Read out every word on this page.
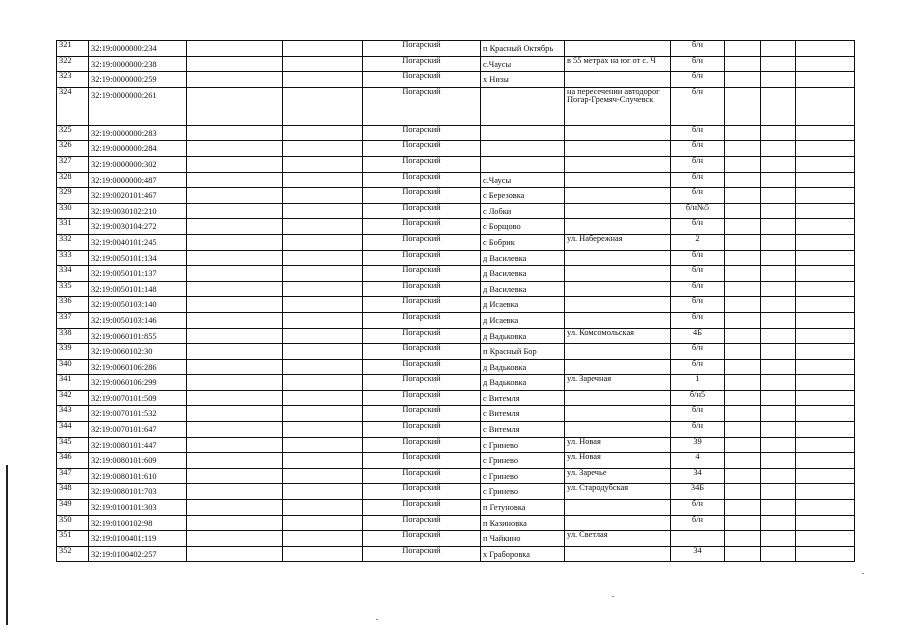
321	32:19:0000000:234			Погарский	п Красный Октябрь		б/н			
322	32:19:0000000:238			Погарский	с.Чаусы	в 55 метрах на юг от с. Ч	б/н			
323	32:19:0000000:259			Погарский	х Низы		б/н			
324	32:19:0000000:261			Погарский		на пересечении автодорог Погар-Гремяч-Случевск	б/н			
325	32:19:0000000:283			Погарский			б/н			
326	32:19:0000000:284			Погарский			б/н			
327	32:19:0000000:302			Погарский			б/н			
328	32:19:0000000:487			Погарский	с.Чаусы		б/н			
329	32:19:0020101:467			Погарский	с Березовка		б/н			
330	32:19:0030102:210			Погарский	с Лобки		б/н№5			
331	32:19:0030104:272			Погарский	с Борщово		б/н			
332	32:19:0040101:245			Погарский	с Бобрик	ул. Набережная	2			
333	32:19:0050101:134			Погарский	д Василевка		б/н			
334	32:19:0050101:137			Погарский	д Василевка		б/н			
335	32:19:0050101:148			Погарский	д Василевка		б/н			
336	32:19:0050103:140			Погарский	д Исаевка		б/н			
337	32:19:0050103:146			Погарский	д Исаевка		б/н			
338	32:19:0060101:855			Погарский	д Вадьковка	ул. Комсомольская	4Б			
339	32:19:0060102:30			Погарский	п Красный Бор		б/н			
340	32:19:0060106:286			Погарский	д Вадьковка		б/н			
341	32:19:0060106:299			Погарский	д Вадьковка	ул. Заречная	1			
342	32:19:0070101:509			Погарский	с Витемля		б/н5			
343	32:19:0070101:532			Погарский	с Витемля		б/н			
344	32:19:0070101:647			Погарский	с Витемля		б/н			
345	32:19:0080101:447			Погарский	с Гринево	ул. Новая	39			
346	32:19:0080101:609			Погарский	с Гринево	ул. Новая	4			
347	32:19:0080101:610			Погарский	с Гринево	ул. Заречье	34			
348	32:19:0080101:703			Погарский	с Гринево	ул. Стародубская	34Б			
349	32:19:0100101:303			Погарский	п Гетуновка		б/н			
350	32:19:0100102:98			Погарский	п Казиновка		б/н			
351	32:19:0100401:119			Погарский	п Чайкино	ул. Светлая				
352	32:19:0100402:257			Погарский	х Граборовка		34			
